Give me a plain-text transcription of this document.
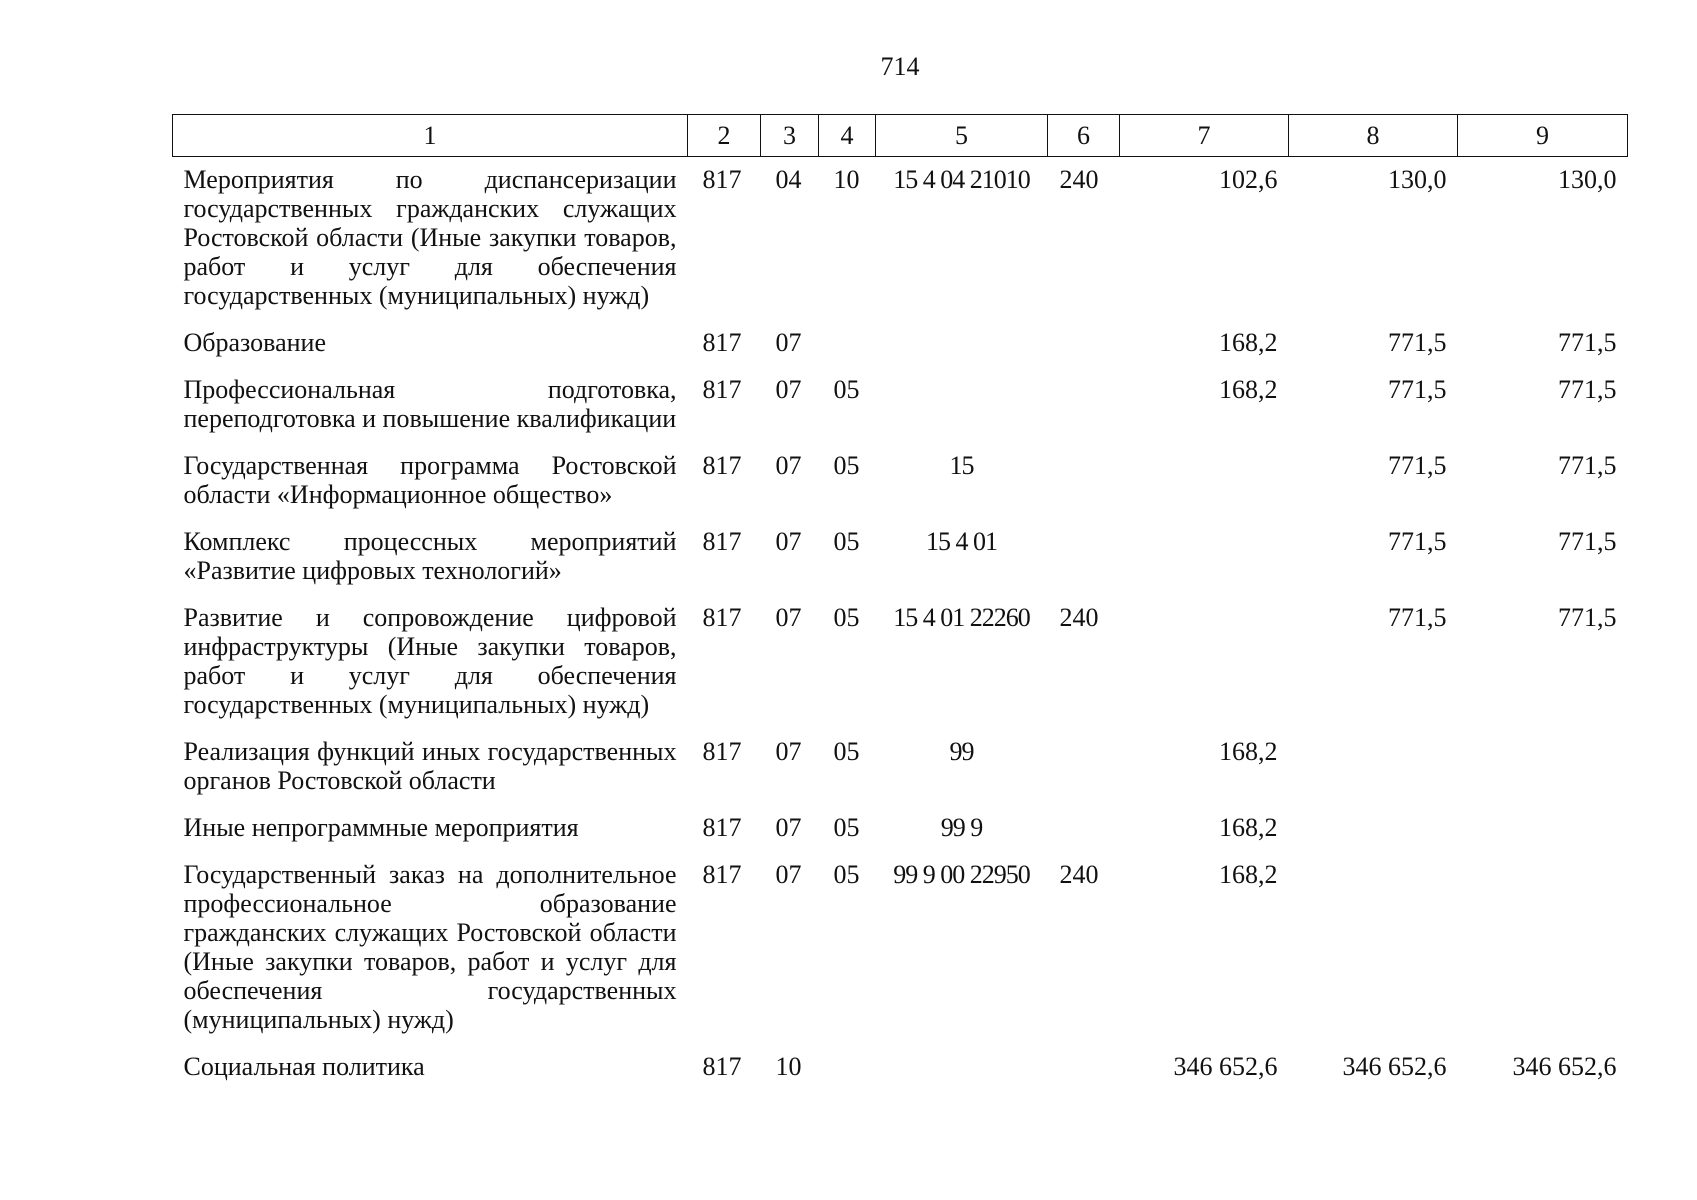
714
1	2	3	4	5	6	7	8	9
Мероприятия по диспансеризации государственных гражданских служащих Ростовской области (Иные закупки товаров, работ и услуг для обеспечения государственных (муниципальных) нужд)	817	04	10	15 4 04 21010	240	102,6	130,0	130,0
Образование	817	07				168,2	771,5	771,5
Профессиональная подготовка, переподготовка и повышение квалификации	817	07	05			168,2	771,5	771,5
Государственная программа Ростовской области «Информационное общество»	817	07	05	15			771,5	771,5
Комплекс процессных мероприятий «Развитие цифровых технологий»	817	07	05	15 4 01			771,5	771,5
Развитие и сопровождение цифровой инфраструктуры (Иные закупки товаров, работ и услуг для обеспечения государственных (муниципальных) нужд)	817	07	05	15 4 01 22260	240		771,5	771,5
Реализация функций иных государственных органов Ростовской области	817	07	05	99		168,2		
Иные непрограммные мероприятия	817	07	05	99 9		168,2		
Государственный заказ на дополнительное профессиональное образование гражданских служащих Ростовской области (Иные закупки товаров, работ и услуг для обеспечения государственных (муниципальных) нужд)	817	07	05	99 9 00 22950	240	168,2		
Социальная политика	817	10				346 652,6	346 652,6	346 652,6
